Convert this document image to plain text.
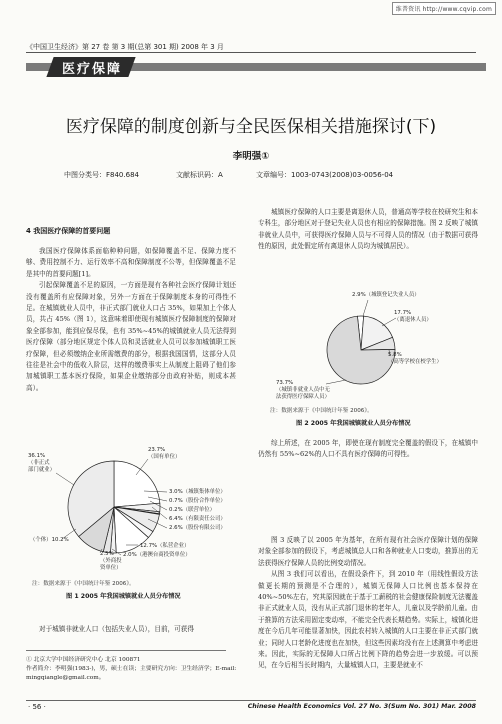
维普资讯 http://www.cqvip.com
《中国卫生经济》第 27 卷 第 3 期(总第 301 期) 2008 年 3 月
医疗保障
医疗保障的制度创新与全民医保相关措施探讨(下)
李明强①
中图分类号：F840.684	文献标识码：A	文章编号：1003-0743(2008)03-0056-04
4 我国医疗保障的首要问题

我国医疗保障体系面临种种问题，如保障覆盖不足、保障力度不够、费用控制不力、运行效率不高和保障制度不公等，但保障覆盖不足是其中的首要问题[1]。

引起保障覆盖不足的原因，一方面是现有各种社会医疗保障计划还没有覆盖所有应保障对象，另外一方面在于保障制度本身的可得性不足。在城镇就业人员中，非正式部门就业人口占 35%，如果加上个体人员，共占 45%（图 1），这意味着即使现有城镇医疗保障制度的保障对象全部参加，能到应保尽保，也有 35%~45%的城镇就业人员无法得到医疗保障（部分地区规定个体人员和灵活就业人员可以参加城镇职工医疗保障，但必须缴纳企业所需缴费的部分，根据我国国情，这部分人员往往是社会中的低收入阶层，这样的缴费事实上从制度上阻碍了他们参加城镇职工基本医疗保险，如果企业缴纳部分由政府补贴，则成本甚高）。

23.7%
（国有单位）
36.1%
（非正式
部门就业）
3.0%（城镇集体单位）
0.7%（股份合作单位）
0.2%（联营单位）
6.4%（有限责任公司）
2.6%（股份有限公司）
12.7%（私营企业）
2.0%（港澳台商投资单位）
2.5%
（外商投
资单位）
（个体）10.2%
注：数据来源于《中国统计年鉴 2006》。
图 1 2005 年我国城镇就业人员分布情况

对于城镇非就业人口（包括失业人员），目前，可获得

城镇医疗保障的人口主要是离退休人员，普通高等学校在校研究生和本专科生，部分地区对于登记失业人员也有相应的保障措施。图 2 反映了城镇非就业人员中，可获得医疗保障人员与不可得人员的情况（由于数据可获得性的原因，此处假定所有离退休人员均为城镇居民）。

2.9%（城镇登记失业人员）
17.7%
（离退休人员）
5.8%
（高等学校在校学生）
73.7%
（城镇非就业人员中无
法获得医疗保障人员）
注：数据来源于《中国统计年鉴 2006》。
图 2 2005 年我国城镇就业人员分布情况

综上所述，在 2005 年，即使在现有制度完全覆盖的假设下，在城镇中仍然有 55%~62%的人口不具有医疗保障的可得性。

图 3 反映了以 2005 年为基年，在所有现有社会医疗保障计划的保障对象全部参加的假设下，考虑城镇总人口和各种就业人口变动，推算出的无法获得医疗保障人员的比例变动情况。

从图 3 我们可以看出，在假设条件下，到 2010 年（用线性假设方法做更长期的预测是不合理的），城镇无保障人口比例也基本保持在 40%~50%左右，究其原因就在于基于工薪税的社会健康保险制度无法覆盖非正式就业人员，没有从正式部门退休的老年人，儿童以及学龄前儿童。由于推算的方法采用固定变动率，不能完全代表长期趋势。实际上，城镇化进度在今后几年可能显著加快，因此农村转入城镇的人口主要在非正式部门就业；同时人口老龄化进度也在加快，但这些因素均没有在上述测算中考虑进来。因此，实际的无保障人口所占比例下降的趋势会进一步放缓。可以预见，在今后相当长时期内，大量城镇人口，主要是就业不

① 北京大学中国经济研究中心 北京 100871
作者简介：李明强(1983-)，男，硕士在读；主要研究方向：卫生经济学；E-mail: mingqiangle@gmail.com。
· 56 ·	Chinese Health Economics Vol. 27 No. 3(Sum No. 301) Mar. 2008
